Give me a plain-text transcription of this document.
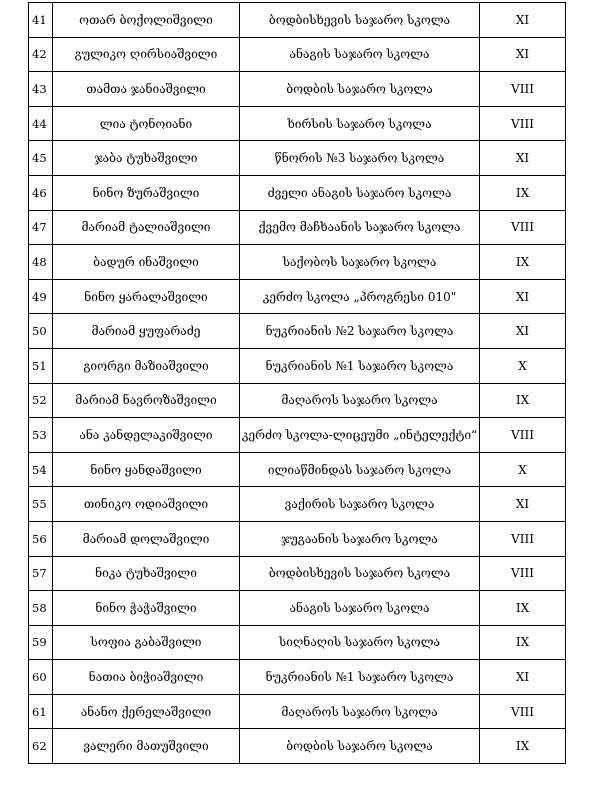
41	ოთარ ბოქოლიშვილი	ბოდბისხევის საჯარო სკოლა	XI
42	გულიკო ღირსიაშვილი	ანაგის საჯარო სკოლა	XI
43	თამთა ჯანიაშვილი	ბოდბის საჯარო სკოლა	VIII
44	ლია ტონოიანი	ხირსის საჯარო სკოლა	VIII
45	ჯაბა ტუხაშვილი	წნორის №3 საჯარო სკოლა	XI
46	ნინო ზურაშვილი	ძველი ანაგის საჯარო სკოლა	IX
47	მარიამ ტალიაშვილი	ქვემო მაჩხაანის საჯარო სკოლა	VIII
48	ბადურ ინაშვილი	საქობოს საჯარო სკოლა	IX
49	ნინო ყარალაშვილი	კერძო სკოლა „პროგრესი 010"	XI
50	მარიამ ყუფარაძე	ნუკრიანის №2 საჯარო სკოლა	XI
51	გიორგი მაზიაშვილი	ნუკრიანის №1 საჯარო სკოლა	X
52	მარიამ ნავროზაშვილი	მაღაროს საჯარო სკოლა	IX
53	ანა კანდელაკიშვილი	კერძო სკოლა-ლიცეუმი „ინტელექტი“	VIII
54	ნინო ყანდაშვილი	ილიაწმინდას საჯარო სკოლა	X
55	თინიკო ოდიაშვილი	ვაქირის საჯარო სკოლა	XI
56	მარიამ დოლაშვილი	ჯუგაანის საჯარო სკოლა	VIII
57	ნიკა ტუხაშვილი	ბოდბისხევის საჯარო სკოლა	VIII
58	ნინო ჭაჭაშვილი	ანაგის საჯარო სკოლა	IX
59	სოფია გაბაშვილი	სიღნაღის საჯარო სკოლა	IX
60	ნათია ბიჭიაშვილი	ნუკრიანის №1 საჯარო სკოლა	XI
61	ანანო ქერელაშვილი	მაღაროს საჯარო სკოლა	VIII
62	ვალერი მათუშვილი	ბოდბის საჯარო სკოლა	IX
